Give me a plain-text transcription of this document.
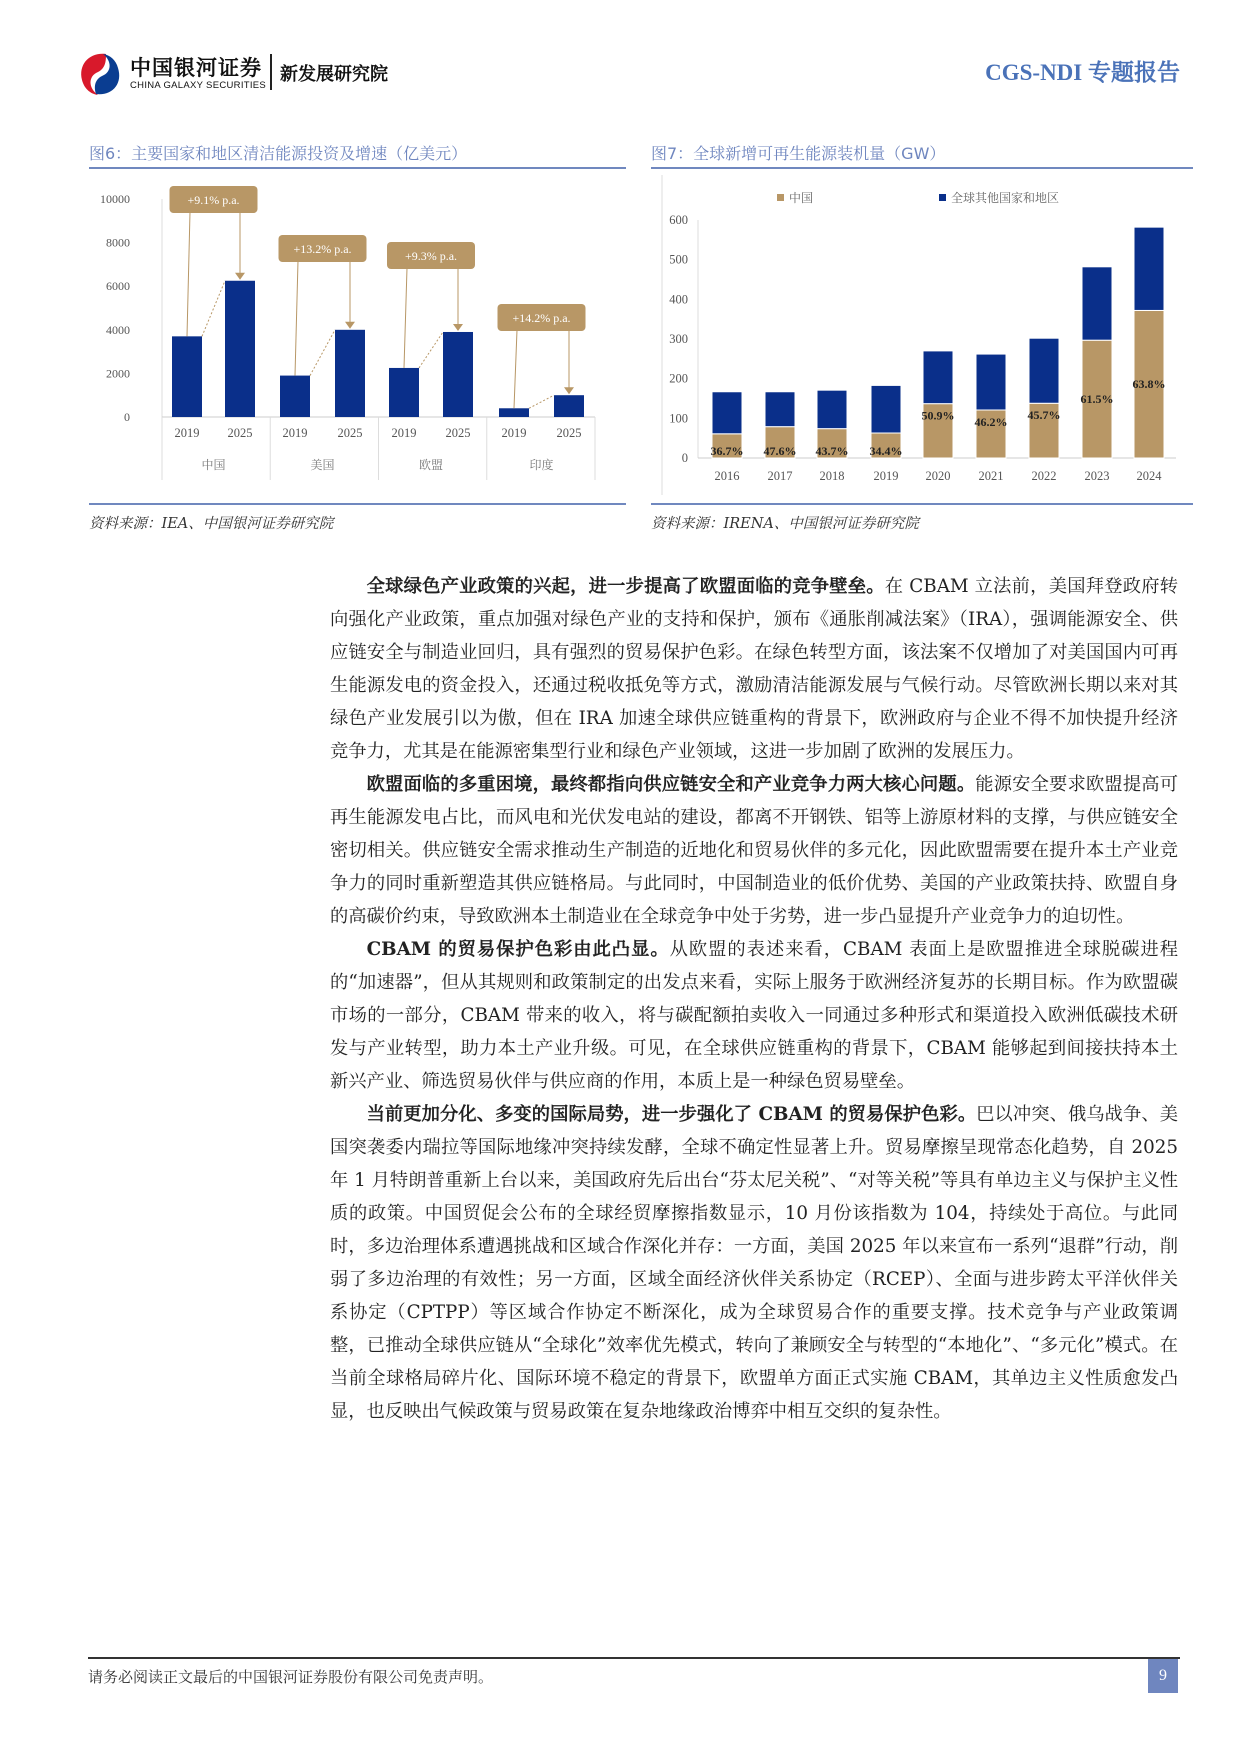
中国银河证券
CHINA GALAXY SECURITIES
新发展研究院	CGS-NDI 专题报告
图6：主要国家和地区清洁能源投资及增速（亿美元）
0
2000
4000
6000
8000
10000
2019 2025
中国
+9.1% p.a.
2019 2025
美国
+13.2% p.a.
2019 2025
欧盟
+9.3% p.a.
2019 2025
印度
+14.2% p.a.
资料来源：IEA、中国银河证券研究院
图7：全球新增可再生能源装机量（GW）
0
100
200
300
400
500
600
中国	全球其他国家和地区
36.7%
2016
47.6%
2017
43.7%
2018
34.4%
2019
50.9%
2020
46.2%
2021
45.7%
2022
61.5%
2023
63.8%
2024
资料来源：IRENA、中国银河证券研究院

全球绿色产业政策的兴起，进一步提高了欧盟面临的竞争壁垒。在 CBAM 立法前，美国拜登政府转向强化产业政策，重点加强对绿色产业的支持和保护，颁布《通胀削减法案》（IRA），强调能源安全、供应链安全与制造业回归，具有强烈的贸易保护色彩。在绿色转型方面，该法案不仅增加了对美国国内可再生能源发电的资金投入，还通过税收抵免等方式，激励清洁能源发展与气候行动。尽管欧洲长期以来对其绿色产业发展引以为傲，但在 IRA 加速全球供应链重构的背景下，欧洲政府与企业不得不加快提升经济竞争力，尤其是在能源密集型行业和绿色产业领域，这进一步加剧了欧洲的发展压力。

欧盟面临的多重困境，最终都指向供应链安全和产业竞争力两大核心问题。能源安全要求欧盟提高可再生能源发电占比，而风电和光伏发电站的建设，都离不开钢铁、铝等上游原材料的支撑，与供应链安全密切相关。供应链安全需求推动生产制造的近地化和贸易伙伴的多元化，因此欧盟需要在提升本土产业竞争力的同时重新塑造其供应链格局。与此同时，中国制造业的低价优势、美国的产业政策扶持、欧盟自身的高碳价约束，导致欧洲本土制造业在全球竞争中处于劣势，进一步凸显提升产业竞争力的迫切性。

CBAM 的贸易保护色彩由此凸显。从欧盟的表述来看，CBAM 表面上是欧盟推进全球脱碳进程的“加速器”，但从其规则和政策制定的出发点来看，实际上服务于欧洲经济复苏的长期目标。作为欧盟碳市场的一部分，CBAM 带来的收入，将与碳配额拍卖收入一同通过多种形式和渠道投入欧洲低碳技术研发与产业转型，助力本土产业升级。可见，在全球供应链重构的背景下，CBAM 能够起到间接扶持本土新兴产业、筛选贸易伙伴与供应商的作用，本质上是一种绿色贸易壁垒。

当前更加分化、多变的国际局势，进一步强化了 CBAM 的贸易保护色彩。巴以冲突、俄乌战争、美国突袭委内瑞拉等国际地缘冲突持续发酵，全球不确定性显著上升。贸易摩擦呈现常态化趋势，自 2025 年 1 月特朗普重新上台以来，美国政府先后出台“芬太尼关税”、“对等关税”等具有单边主义与保护主义性质的政策。中国贸促会公布的全球经贸摩擦指数显示，10 月份该指数为 104，持续处于高位。与此同时，多边治理体系遭遇挑战和区域合作深化并存：一方面，美国 2025 年以来宣布一系列“退群”行动，削弱了多边治理的有效性；另一方面，区域全面经济伙伴关系协定（RCEP）、全面与进步跨太平洋伙伴关系协定（CPTPP）等区域合作协定不断深化，成为全球贸易合作的重要支撑。技术竞争与产业政策调整，已推动全球供应链从“全球化”效率优先模式，转向了兼顾安全与转型的“本地化”、“多元化”模式。在当前全球格局碎片化、国际环境不稳定的背景下，欧盟单方面正式实施 CBAM，其单边主义性质愈发凸显，也反映出气候政策与贸易政策在复杂地缘政治博弈中相互交织的复杂性。

请务必阅读正文最后的中国银河证券股份有限公司免责声明。	9
